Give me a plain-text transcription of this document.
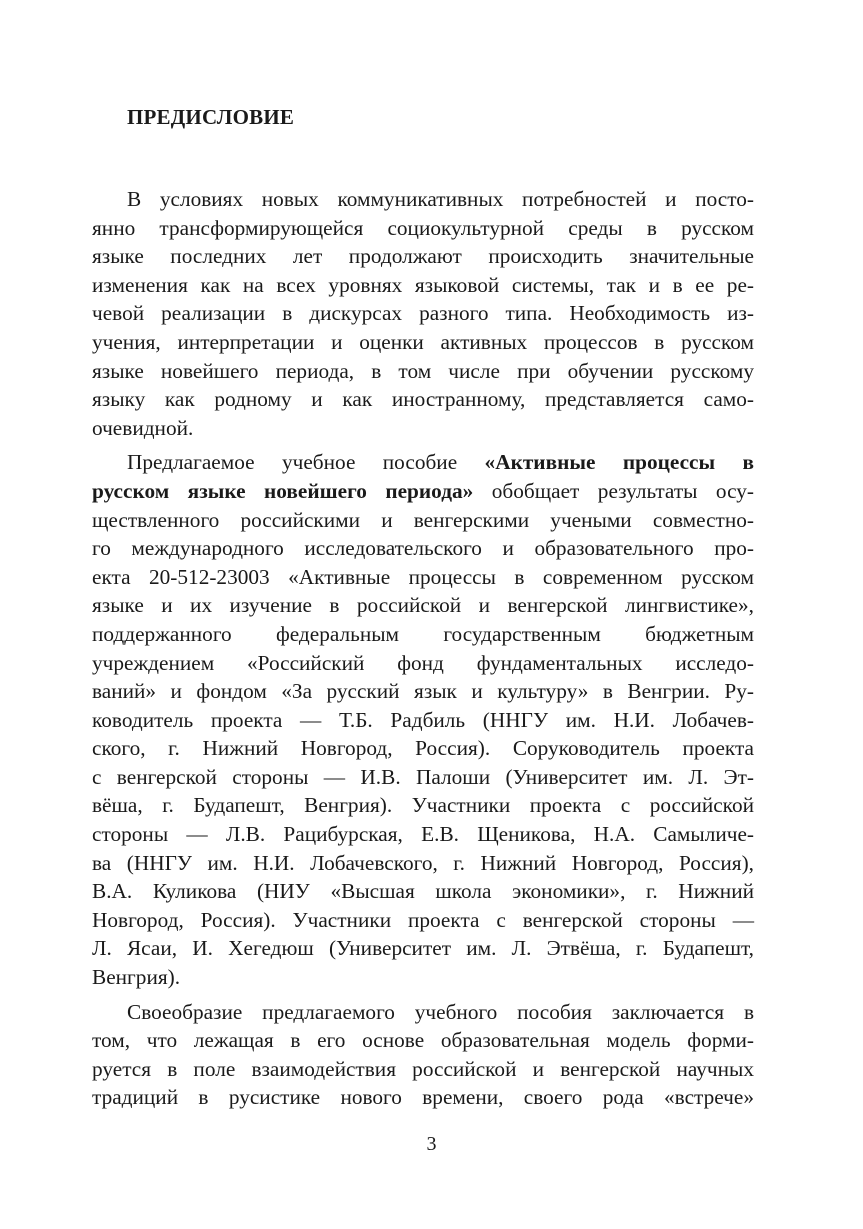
ПРЕДИСЛОВИЕ
В условиях новых коммуникативных потребностей и посто-
янно трансформирующейся социокультурной среды в русском
языке последних лет продолжают происходить значительные
изменения как на всех уровнях языковой системы, так и в ее ре-
чевой реализации в дискурсах разного типа. Необходимость из-
учения, интерпретации и оценки активных процессов в русском
языке новейшего периода, в том числе при обучении русскому
языку как родному и как иностранному, представляется само-
очевидной.
Предлагаемое учебное пособие «Активные процессы в
русском языке новейшего периода» обобщает результаты осу-
ществленного российскими и венгерскими учеными совместно-
го международного исследовательского и образовательного про-
екта 20-512-23003 «Активные процессы в современном русском
языке и их изучение в российской и венгерской лингвистике»,
поддержанного федеральным государственным бюджетным
учреждением «Российский фонд фундаментальных исследо-
ваний» и фондом «За русский язык и культуру» в Венгрии. Ру-
ководитель проекта — Т.Б. Радбиль (ННГУ им. Н.И. Лобачев-
ского, г. Нижний Новгород, Россия). Соруководитель проекта
с венгерской стороны — И.В. Палоши (Университет им. Л. Эт-
вёша, г. Будапешт, Венгрия). Участники проекта с российской
стороны — Л.В. Рацибурская, Е.В. Щеникова, Н.А. Самыличе-
ва (ННГУ им. Н.И. Лобачевского, г. Нижний Новгород, Россия),
В.А. Куликова (НИУ «Высшая школа экономики», г. Нижний
Новгород, Россия). Участники проекта с венгерской стороны —
Л. Ясаи, И. Хегедюш (Университет им. Л. Этвёша, г. Будапешт,
Венгрия).
Своеобразие предлагаемого учебного пособия заключается в
том, что лежащая в его основе образовательная модель форми-
руется в поле взаимодействия российской и венгерской научных
традиций в русистике нового времени, своего рода «встрече»
3
